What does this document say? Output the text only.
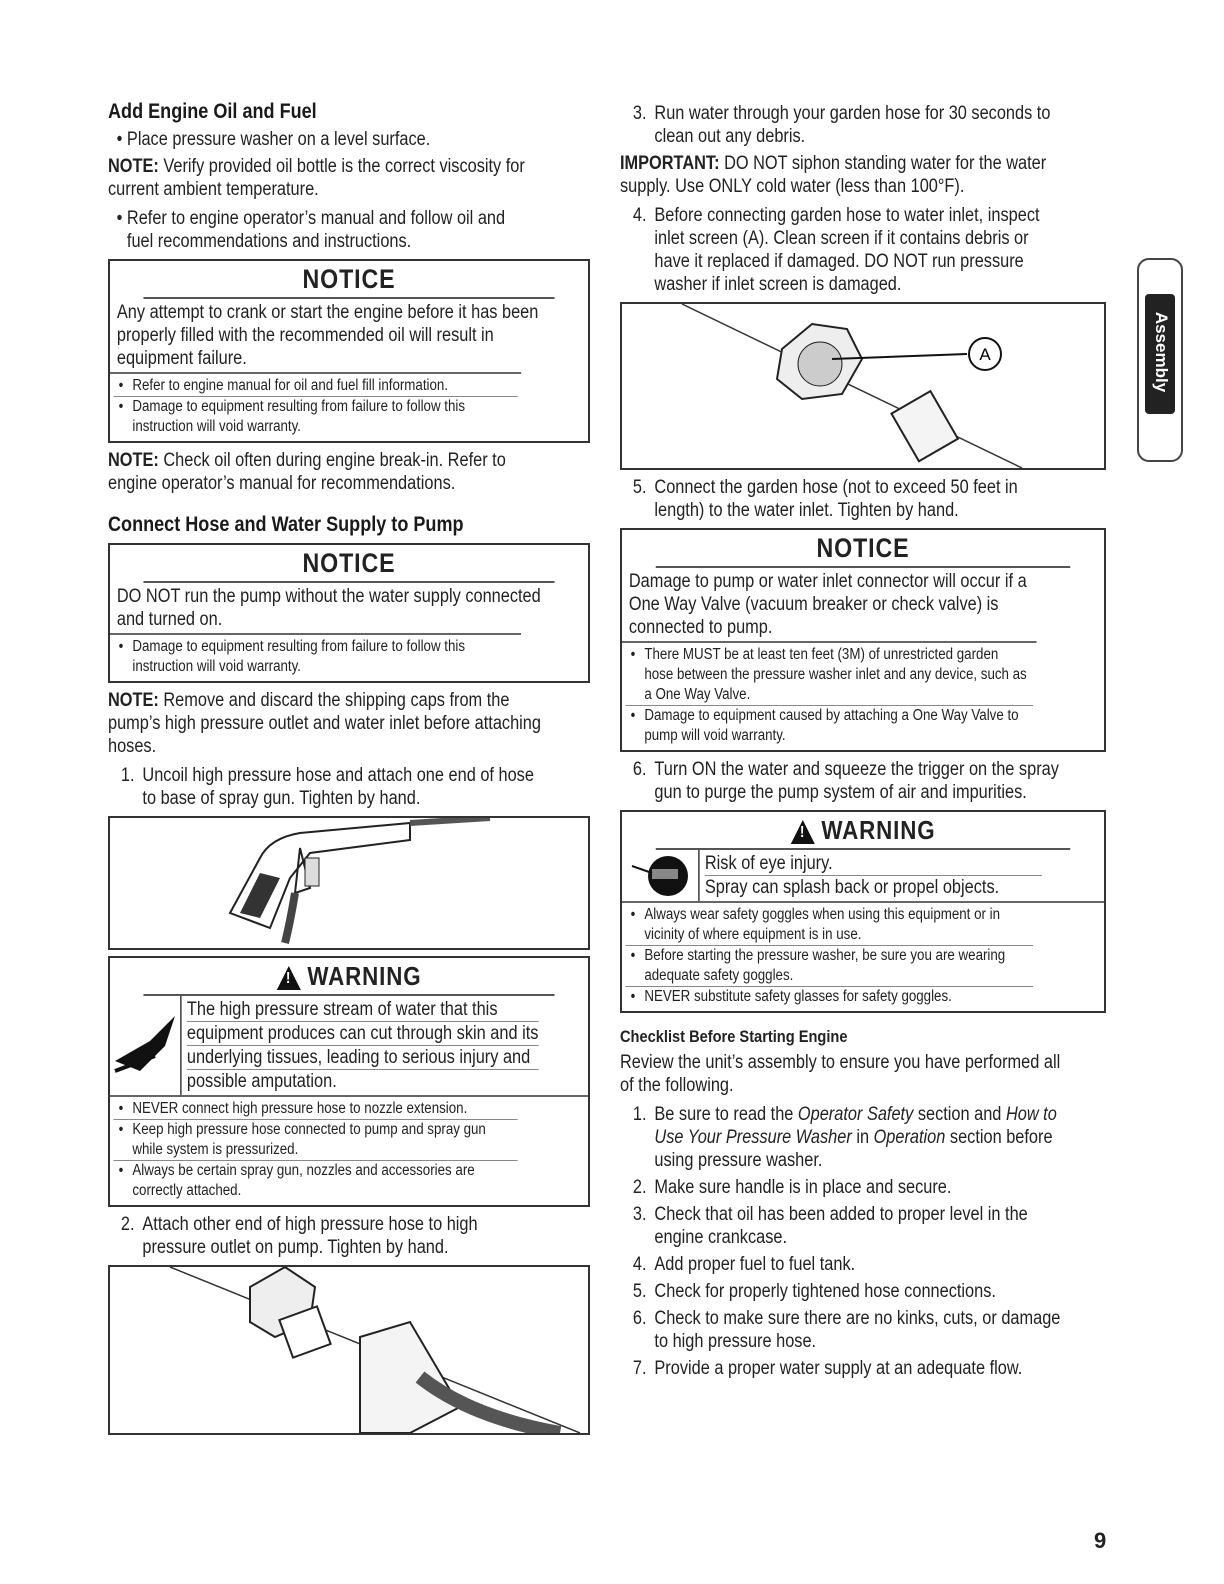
Add Engine Oil and Fuel
• Place pressure washer on a level surface.
NOTE: Verify provided oil bottle is the correct viscosity for
current ambient temperature.
• Refer to engine operator’s manual and follow oil and
fuel recommendations and instructions.
NOTICE
Any attempt to crank or start the engine before it has been
properly filled with the recommended oil will result in
equipment failure.
• Refer to engine manual for oil and fuel fill information.
• Damage to equipment resulting from failure to follow this
instruction will void warranty.
NOTE: Check oil often during engine break-in. Refer to
engine operator’s manual for recommendations.
Connect Hose and Water Supply to Pump
NOTICE
DO NOT run the pump without the water supply connected
and turned on.
• Damage to equipment resulting from failure to follow this
instruction will void warranty.
NOTE: Remove and discard the shipping caps from the
pump’s high pressure outlet and water inlet before attaching
hoses.
1. Uncoil high pressure hose and attach one end of hose
to base of spray gun. Tighten by hand.
!WARNING
The high pressure stream of water that this
equipment produces can cut through skin and its
underlying tissues, leading to serious injury and
possible amputation.
• NEVER connect high pressure hose to nozzle extension.
• Keep high pressure hose connected to pump and spray gun
while system is pressurized.
• Always be certain spray gun, nozzles and accessories are
correctly attached.
2. Attach other end of high pressure hose to high
pressure outlet on pump. Tighten by hand.
3. Run water through your garden hose for 30 seconds to
clean out any debris.
IMPORTANT: DO NOT siphon standing water for the water
supply. Use ONLY cold water (less than 100°F).
4. Before connecting garden hose to water inlet, inspect
inlet screen (A). Clean screen if it contains debris or
have it replaced if damaged. DO NOT run pressure
washer if inlet screen is damaged.
A
5. Connect the garden hose (not to exceed 50 feet in
length) to the water inlet. Tighten by hand.
NOTICE
Damage to pump or water inlet connector will occur if a
One Way Valve (vacuum breaker or check valve) is
connected to pump.
• There MUST be at least ten feet (3M) of unrestricted garden
hose between the pressure washer inlet and any device, such as
a One Way Valve.
• Damage to equipment caused by attaching a One Way Valve to
pump will void warranty.
6. Turn ON the water and squeeze the trigger on the spray
gun to purge the pump system of air and impurities.
!WARNING
Risk of eye injury.
Spray can splash back or propel objects.
• Always wear safety goggles when using this equipment or in
vicinity of where equipment is in use.
• Before starting the pressure washer, be sure you are wearing
adequate safety goggles.
• NEVER substitute safety glasses for safety goggles.
Checklist Before Starting Engine
Review the unit’s assembly to ensure you have performed all
of the following.
1. Be sure to read the Operator Safety section and How to
Use Your Pressure Washer in Operation section before
using pressure washer.
2. Make sure handle is in place and secure.
3. Check that oil has been added to proper level in the
engine crankcase.
4. Add proper fuel to fuel tank.
5. Check for properly tightened hose connections.
6. Check to make sure there are no kinks, cuts, or damage
to high pressure hose.
7. Provide a proper water supply at an adequate flow.
Assembly
9
